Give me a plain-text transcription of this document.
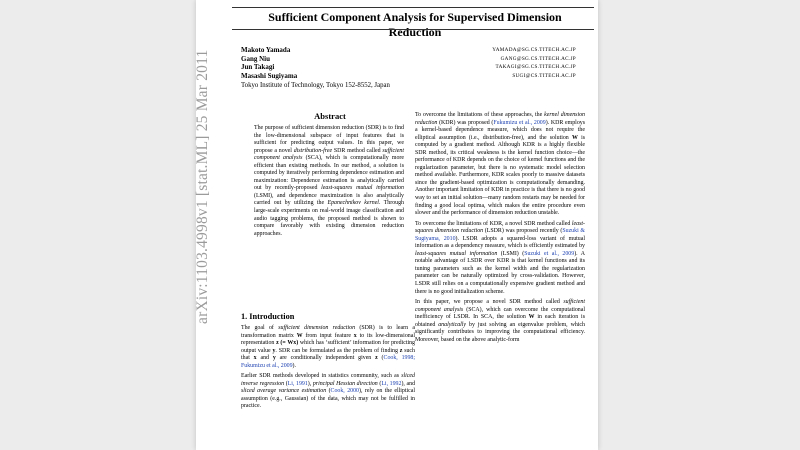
arXiv:1103.4998v1 [stat.ML] 25 Mar 2011
Sufficient Component Analysis for Supervised Dimension Reduction
Makoto Yamada
Gang Niu
Jun Takagi
Masashi Sugiyama
YAMADA@SG.CS.TITECH.AC.JP
GANG@SG.CS.TITECH.AC.JP
TAKAGI@SG.CS.TITECH.AC.JP
SUGI@CS.TITECH.AC.JP
Tokyo Institute of Technology, Tokyo 152-8552, Japan
Abstract

The purpose of sufficient dimension reduction (SDR) is to find the low-dimensional subspace of input features that is sufficient for predicting output values. In this paper, we propose a novel distribution-free SDR method called sufficient component analysis (SCA), which is computationally more efficient than existing methods. In our method, a solution is computed by iteratively performing dependence estimation and maximization: Dependence estimation is analytically carried out by recently-proposed least-squares mutual information (LSMI), and dependence maximization is also analytically carried out by utilizing the Epanechnikov kernel. Through large-scale experiments on real-world image classification and audio tagging problems, the proposed method is shown to compare favorably with existing dimension reduction approaches.

1. Introduction

The goal of sufficient dimension reduction (SDR) is to learn a transformation matrix W from input feature x to its low-dimensional representation z (= Wx) which has ‘sufficient’ information for predicting output value y. SDR can be formulated as the problem of finding z such that x and y are conditionally independent given z (Cook, 1998; Fukumizu et al., 2009).

Earlier SDR methods developed in statistics community, such as sliced inverse regression (Li, 1991), principal Hessian direction (Li, 1992), and sliced average variance estimation (Cook, 2000), rely on the elliptical assumption (e.g., Gaussian) of the data, which may not be fulfilled in practice.

To overcome the limitations of these approaches, the kernel dimension reduction (KDR) was proposed (Fukumizu et al., 2009). KDR employs a kernel-based dependence measure, which does not require the elliptical assumption (i.e., distribution-free), and the solution W is computed by a gradient method. Although KDR is a highly flexible SDR method, its critical weakness is the kernel function choice—the performance of KDR depends on the choice of kernel functions and the regularization parameter, but there is no systematic model selection method available. Furthermore, KDR scales poorly to massive datasets since the gradient-based optimization is computationally demanding. Another important limitation of KDR in practice is that there is no good way to set an initial solution—many random restarts may be needed for finding a good local optima, which makes the entire procedure even slower and the performance of dimension reduction unstable.

To overcome the limitations of KDR, a novel SDR method called least-squares dimension reduction (LSDR) was proposed recently (Suzuki & Sugiyama, 2010). LSDR adopts a squared-loss variant of mutual information as a dependency measure, which is efficiently estimated by least-squares mutual information (LSMI) (Suzuki et al., 2009). A notable advantage of LSDR over KDR is that kernel functions and its tuning parameters such as the kernel width and the regularization parameter can be naturally optimized by cross-validation. However, LSDR still relies on a computationally expensive gradient method and there is no good initialization scheme.

In this paper, we propose a novel SDR method called sufficient component analysis (SCA), which can overcome the computational inefficiency of LSDR. In SCA, the solution W in each iteration is obtained analytically by just solving an eigenvalue problem, which significantly contributes to improving the computational efficiency. Moreover, based on the above analytic-form
